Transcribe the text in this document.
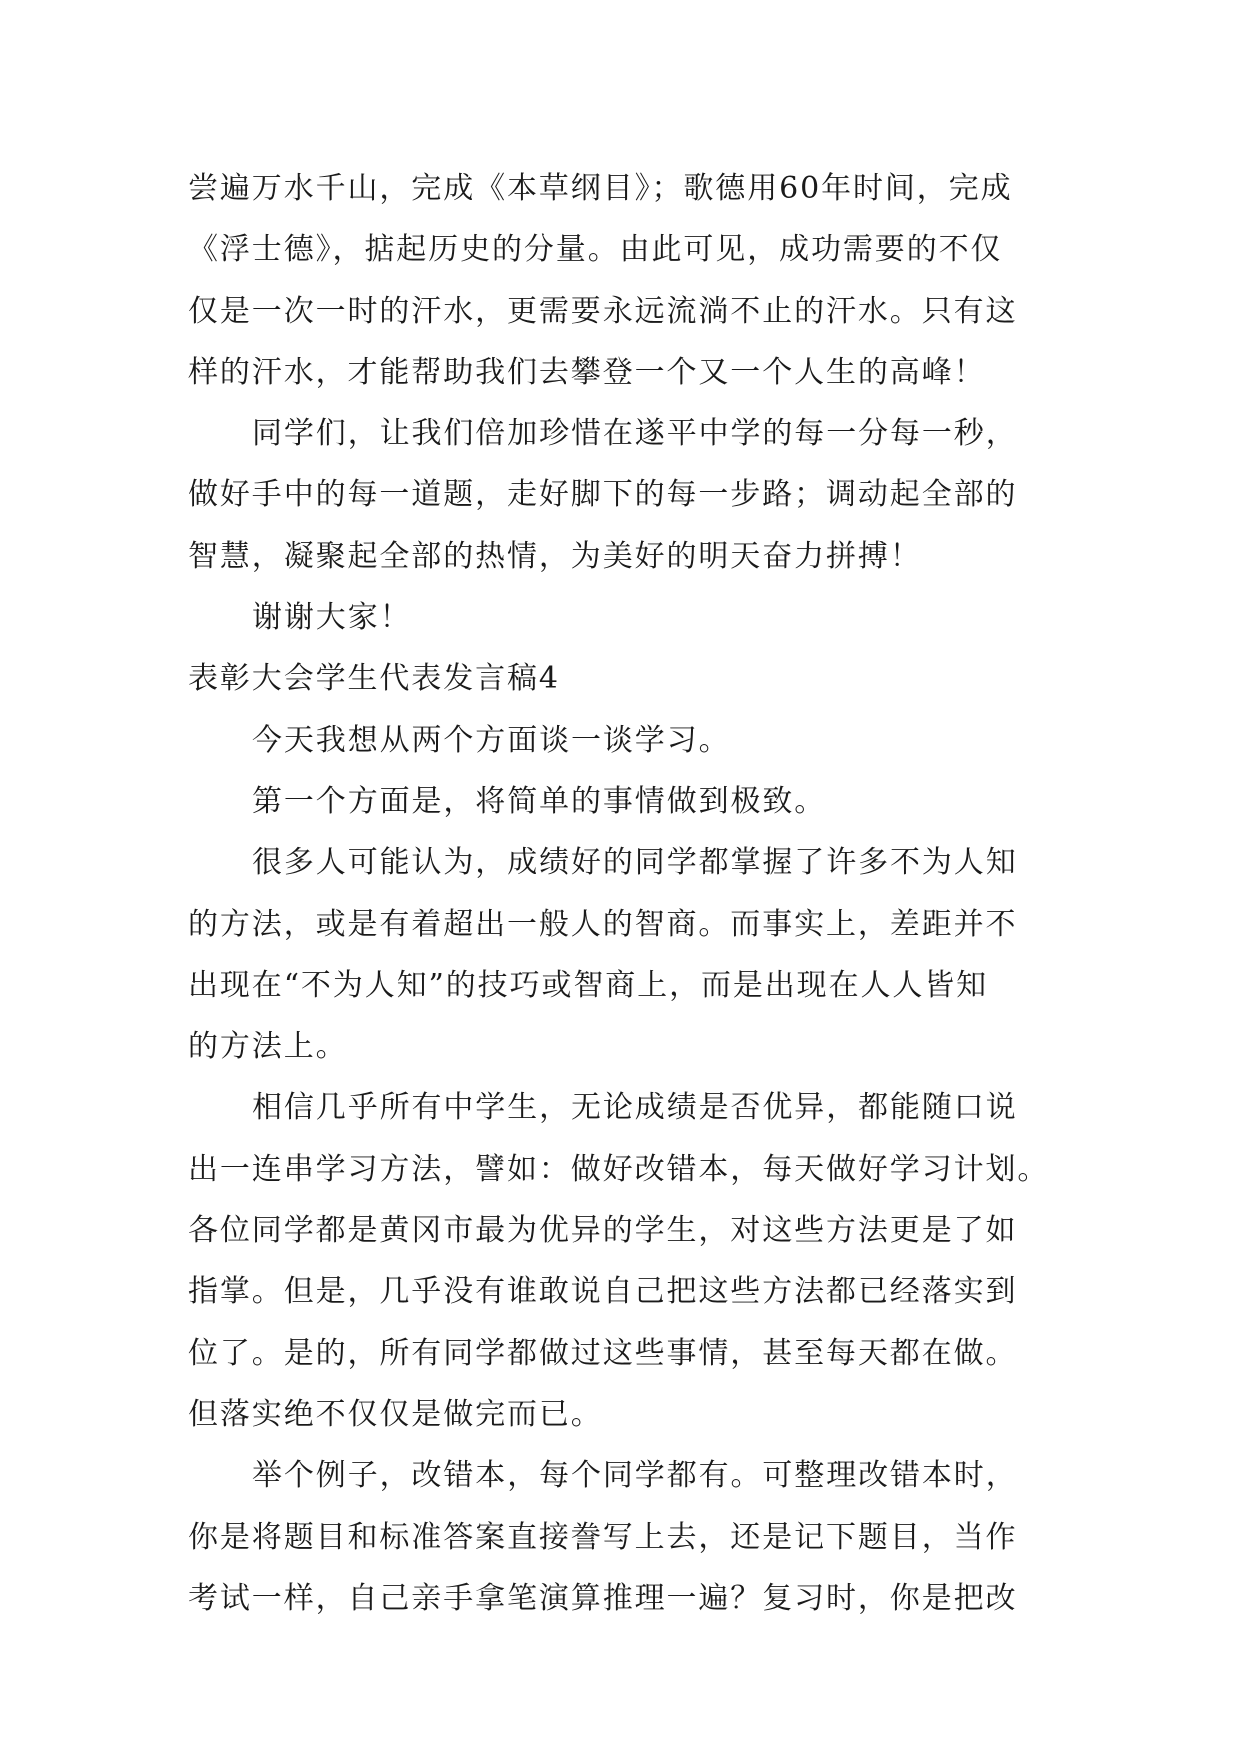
尝遍万水千山，完成《本草纲目》；歌德用60年时间，完成
《浮士德》，掂起历史的分量。由此可见，成功需要的不仅
仅是一次一时的汗水，更需要永远流淌不止的汗水。只有这
样的汗水，才能帮助我们去攀登一个又一个人生的高峰！
同学们，让我们倍加珍惜在遂平中学的每一分每一秒，
做好手中的每一道题，走好脚下的每一步路；调动起全部的
智慧，凝聚起全部的热情，为美好的明天奋力拼搏！
谢谢大家！
表彰大会学生代表发言稿4
今天我想从两个方面谈一谈学习。
第一个方面是，将简单的事情做到极致。
很多人可能认为，成绩好的同学都掌握了许多不为人知
的方法，或是有着超出一般人的智商。而事实上，差距并不
出现在“不为人知”的技巧或智商上，而是出现在人人皆知
的方法上。
相信几乎所有中学生，无论成绩是否优异，都能随口说
出一连串学习方法，譬如：做好改错本，每天做好学习计划。
各位同学都是黄冈市最为优异的学生，对这些方法更是了如
指掌。但是，几乎没有谁敢说自己把这些方法都已经落实到
位了。是的，所有同学都做过这些事情，甚至每天都在做。
但落实绝不仅仅是做完而已。
举个例子，改错本，每个同学都有。可整理改错本时，
你是将题目和标准答案直接誊写上去，还是记下题目，当作
考试一样，自己亲手拿笔演算推理一遍？复习时，你是把改
